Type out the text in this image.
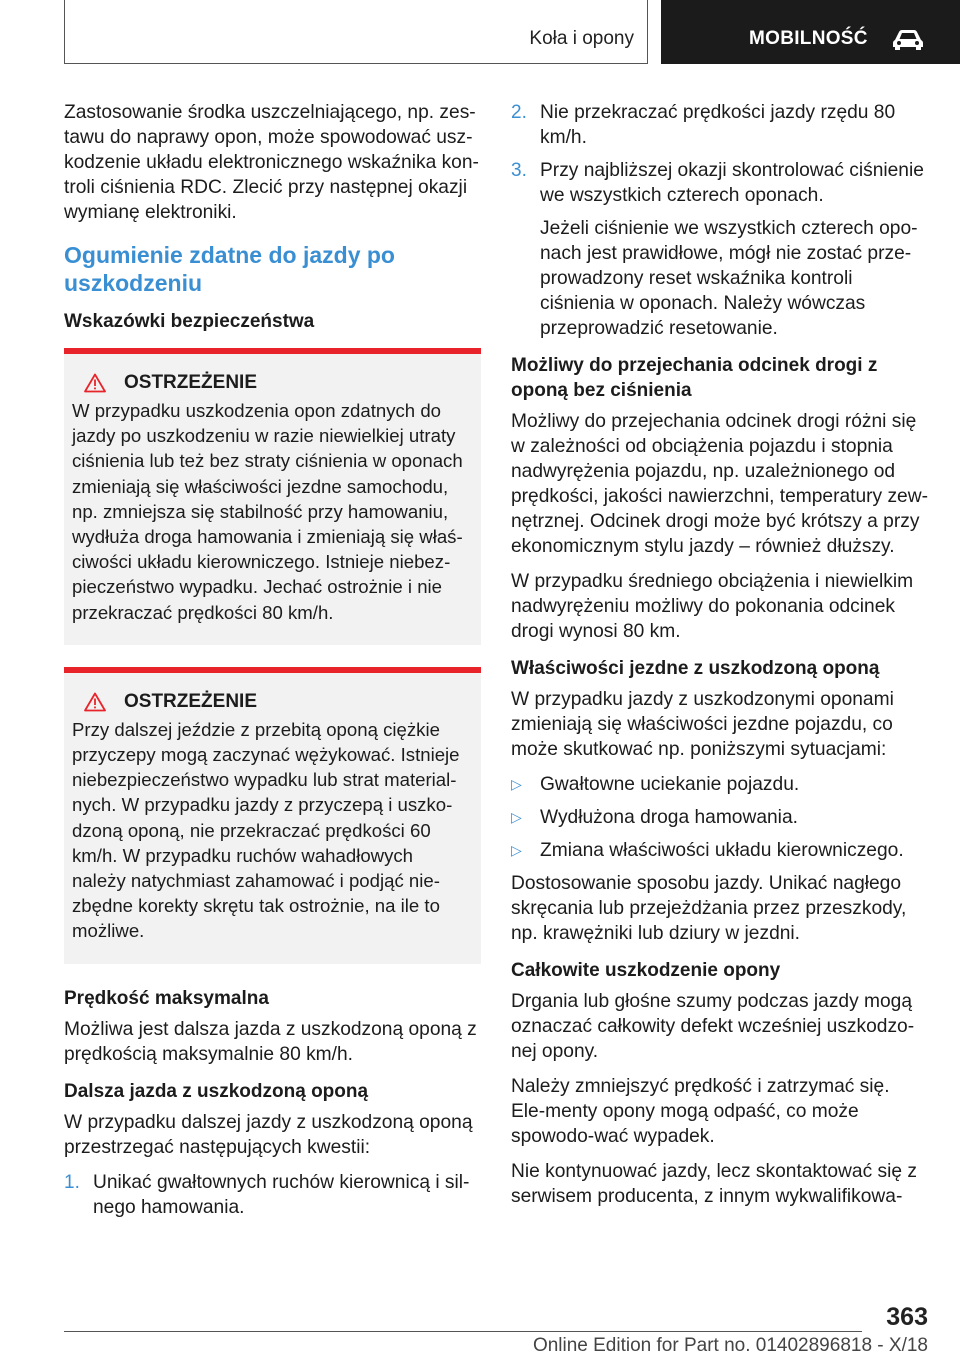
Koła i opony	MOBILNOŚĆ

Zastosowanie środka uszczelniającego, np. zes-tawu do naprawy opon, może spowodować usz-kodzenie układu elektronicznego wskaźnika kon-troli ciśnienia RDC. Zlecić przy następnej okazji wymianę elektroniki.

Ogumienie zdatne do jazdy po uszkodzeniu
Wskazówki bezpieczeństwa
OSTRZEŻENIE

W przypadku uszkodzenia opon zdatnych do jazdy po uszkodzeniu w razie niewielkiej utraty ciśnienia lub też bez straty ciśnienia w oponach zmieniają się właściwości jezdne samochodu, np. zmniejsza się stabilność przy hamowaniu, wydłuża droga hamowania i zmieniają się właś-ciwości układu kierowniczego. Istnieje niebez-pieczeństwo wypadku. Jechać ostrożnie i nie przekraczać prędkości 80 km/h.

OSTRZEŻENIE

Przy dalszej jeździe z przebitą oponą ciężkie przyczepy mogą zaczynać wężykować. Istnieje niebezpieczeństwo wypadku lub strat material-nych. W przypadku jazdy z przyczepą i uszko-dzoną oponą, nie przekraczać prędkości 60 km/h. W przypadku ruchów wahadłowych należy natychmiast zahamować i podjąć nie-zbędne korekty skrętu tak ostrożnie, na ile to możliwe.

Prędkość maksymalna

Możliwa jest dalsza jazda z uszkodzoną oponą z prędkością maksymalnie 80 km/h.

Dalsza jazda z uszkodzoną oponą

W przypadku dalszej jazdy z uszkodzoną oponą przestrzegać następujących kwestii:

1. Unikać gwałtownych ruchów kierownicą i sil-nego hamowania.

2. Nie przekraczać prędkości jazdy rzędu 80 km/h.

3. Przy najbliższej okazji skontrolować ciśnienie we wszystkich czterech oponach.

Jeżeli ciśnienie we wszystkich czterech opo-nach jest prawidłowe, mógł nie zostać prze-prowadzony reset wskaźnika kontroli ciśnienia w oponach. Należy wówczas przeprowadzić resetowanie.

Możliwy do przejechania odcinek drogi z oponą bez ciśnienia

Możliwy do przejechania odcinek drogi różni się w zależności od obciążenia pojazdu i stopnia nadwyrężenia pojazdu, np. uzależnionego od prędkości, jakości nawierzchni, temperatury zew-nętrznej. Odcinek drogi może być krótszy a przy ekonomicznym stylu jazdy – również dłuższy.

W przypadku średniego obciążenia i niewielkim nadwyrężeniu możliwy do pokonania odcinek drogi wynosi 80 km.

Właściwości jezdne z uszkodzoną oponą

W przypadku jazdy z uszkodzonymi oponami zmieniają się właściwości jezdne pojazdu, co może skutkować np. poniższymi sytuacjami:

▷ Gwałtowne uciekanie pojazdu.
▷ Wydłużona droga hamowania.
▷ Zmiana właściwości układu kierowniczego.

Dostosowanie sposobu jazdy. Unikać nagłego skręcania lub przejeżdżania przez przeszkody, np. krawężniki lub dziury w jezdni.

Całkowite uszkodzenie opony

Drgania lub głośne szumy podczas jazdy mogą oznaczać całkowity defekt wcześniej uszkodzo-nej opony.

Należy zmniejszyć prędkość i zatrzymać się. Ele-menty opony mogą odpaść, co może spowodo-wać wypadek.

Nie kontynuować jazdy, lecz skontaktować się z serwisem producenta, z innym wykwalifikowa-

363
Online Edition for Part no. 01402896818 - X/18
